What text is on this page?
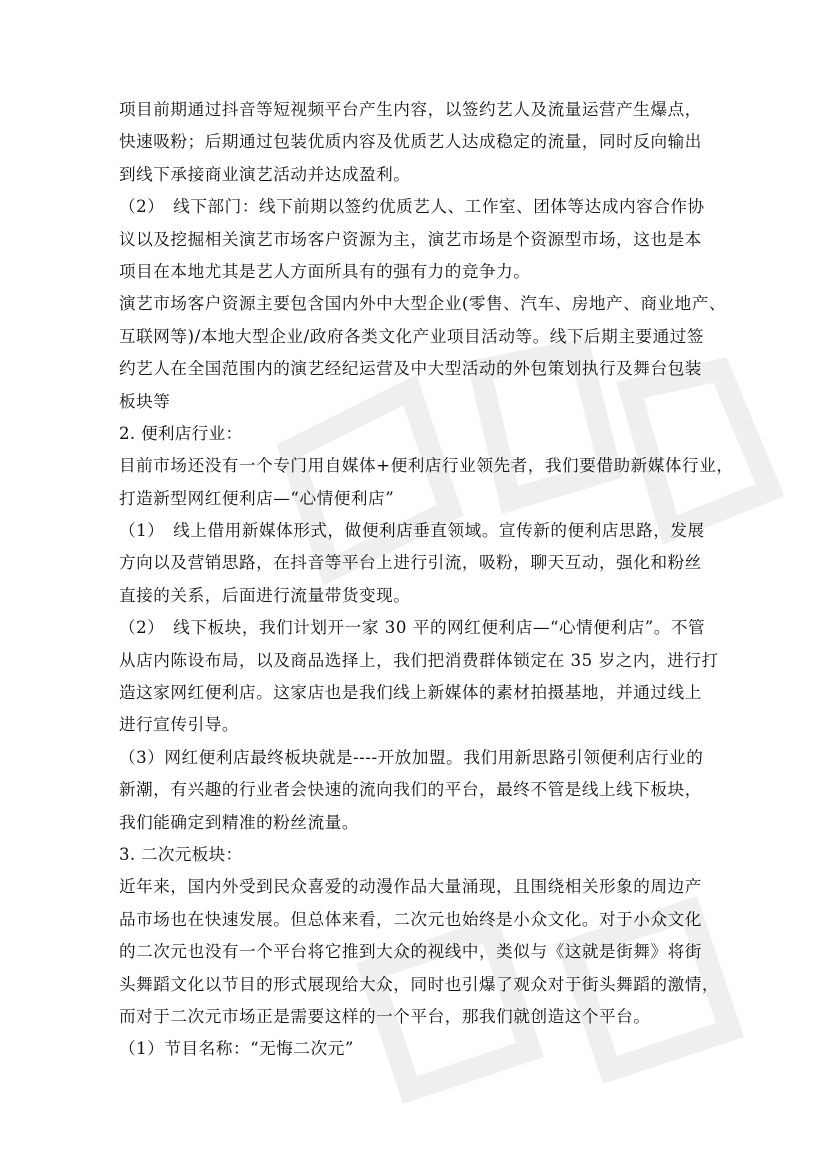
项目前期通过抖音等短视频平台产生内容，以签约艺人及流量运营产生爆点，
快速吸粉；后期通过包装优质内容及优质艺人达成稳定的流量，同时反向输出
到线下承接商业演艺活动并达成盈利。
（2）　线下部门：线下前期以签约优质艺人、工作室、团体等达成内容合作协
议以及挖掘相关演艺市场客户资源为主，演艺市场是个资源型市场，这也是本
项目在本地尤其是艺人方面所具有的强有力的竞争力。
演艺市场客户资源主要包含国内外中大型企业(零售、汽车、房地产、商业地产、
互联网等)/本地大型企业/政府各类文化产业项目活动等。线下后期主要通过签
约艺人在全国范围内的演艺经纪运营及中大型活动的外包策划执行及舞台包装
板块等
2. 便利店行业：
目前市场还没有一个专门用自媒体+便利店行业领先者，我们要借助新媒体行业，
打造新型网红便利店—“心情便利店”
（1）　线上借用新媒体形式，做便利店垂直领域。宣传新的便利店思路，发展
方向以及营销思路，在抖音等平台上进行引流，吸粉，聊天互动，强化和粉丝
直接的关系，后面进行流量带货变现。
（2）　线下板块，我们计划开一家 30 平的网红便利店—“心情便利店”。不管
从店内陈设布局，以及商品选择上，我们把消费群体锁定在 35 岁之内，进行打
造这家网红便利店。这家店也是我们线上新媒体的素材拍摄基地，并通过线上
进行宣传引导。
（3）网红便利店最终板块就是----开放加盟。我们用新思路引领便利店行业的
新潮，有兴趣的行业者会快速的流向我们的平台，最终不管是线上线下板块，
我们能确定到精准的粉丝流量。
3. 二次元板块：
近年来，国内外受到民众喜爱的动漫作品大量涌现，且围绕相关形象的周边产
品市场也在快速发展。但总体来看，二次元也始终是小众文化。对于小众文化
的二次元也没有一个平台将它推到大众的视线中，类似与《这就是街舞》将街
头舞蹈文化以节目的形式展现给大众，同时也引爆了观众对于街头舞蹈的激情，
而对于二次元市场正是需要这样的一个平台，那我们就创造这个平台。
（1）节目名称：“无悔二次元”
